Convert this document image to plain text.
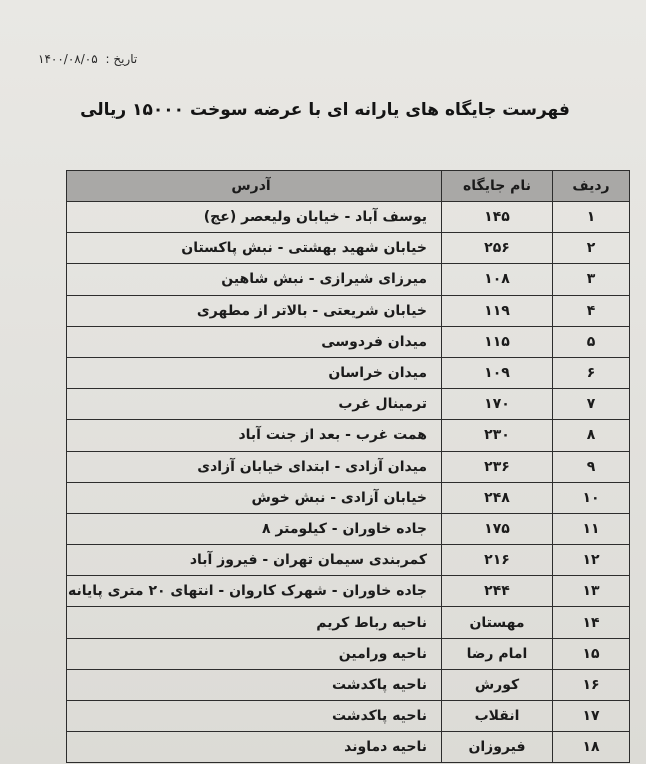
تاریخ : ۱۴۰۰/۰۸/۰۵
فهرست جایگاه های یارانه ای با عرضه سوخت ۱۵۰۰۰ ریالی
ردیف	نام جایگاه	آدرس
۱	۱۴۵	یوسف آباد - خیابان ولیعصر (عج)
۲	۲۵۶	خیابان شهید بهشتی - نبش پاکستان
۳	۱۰۸	میرزای شیرازی - نبش شاهین
۴	۱۱۹	خیابان شریعتی - بالاتر از مطهری
۵	۱۱۵	میدان فردوسی
۶	۱۰۹	میدان خراسان
۷	۱۷۰	ترمینال غرب
۸	۲۳۰	همت غرب - بعد از جنت آباد
۹	۲۳۶	میدان آزادی - ابتدای خیابان آزادی
۱۰	۲۴۸	خیابان آزادی - نبش خوش
۱۱	۱۷۵	جاده خاوران - کیلومتر ۸
۱۲	۲۱۶	کمربندی سیمان تهران - فیروز آباد
۱۳	۲۴۴	جاده خاوران - شهرک کاروان - انتهای ۲۰ متری پایانه
۱۴	مهستان	ناحیه رباط کریم
۱۵	امام رضا	ناحیه ورامین
۱۶	کورش	ناحیه پاکدشت
۱۷	انقلاب	ناحیه پاکدشت
۱۸	فیروزان	ناحیه دماوند
